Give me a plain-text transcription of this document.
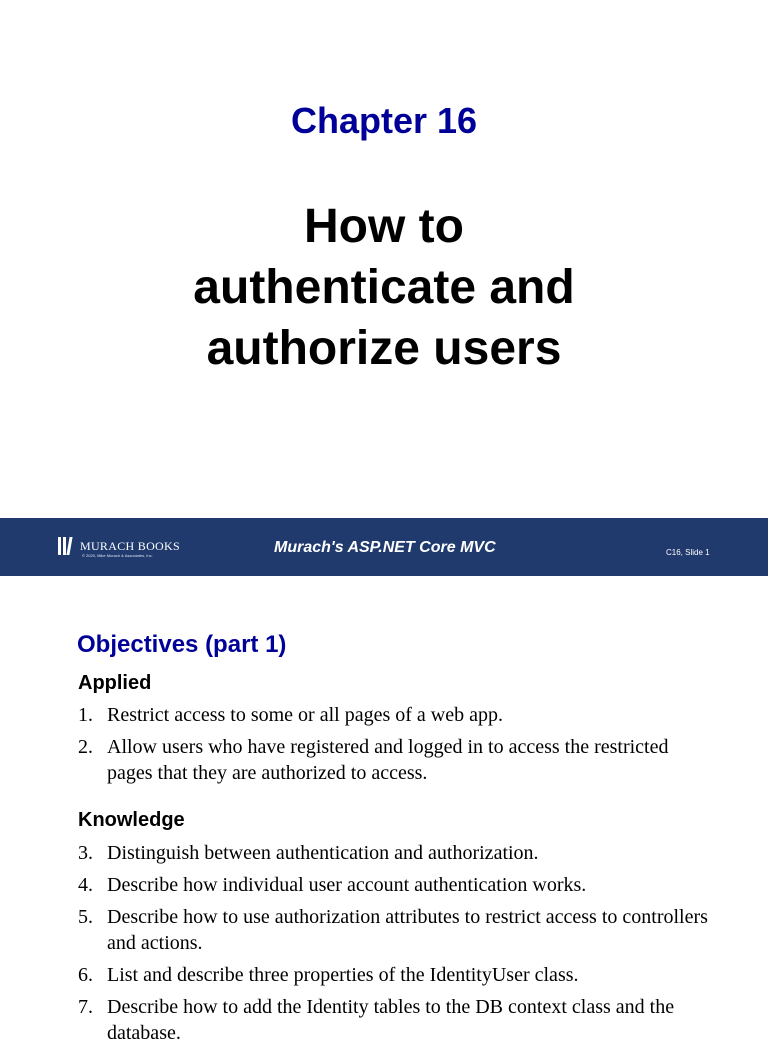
Chapter 16
How to
authenticate and
authorize users
MURACH BOOKS
© 2020, Mike Murach & Associates, Inc.	Murach's ASP.NET Core MVC	C16, Slide 1
Objectives (part 1)
Applied
1. Restrict access to some or all pages of a web app.
2. Allow users who have registered and logged in to access the restricted pages that they are authorized to access.
Knowledge
3. Distinguish between authentication and authorization.
4. Describe how individual user account authentication works.
5. Describe how to use authorization attributes to restrict access to controllers and actions.
6. List and describe three properties of the IdentityUser class.
7. Describe how to add the Identity tables to the DB context class and the database.
